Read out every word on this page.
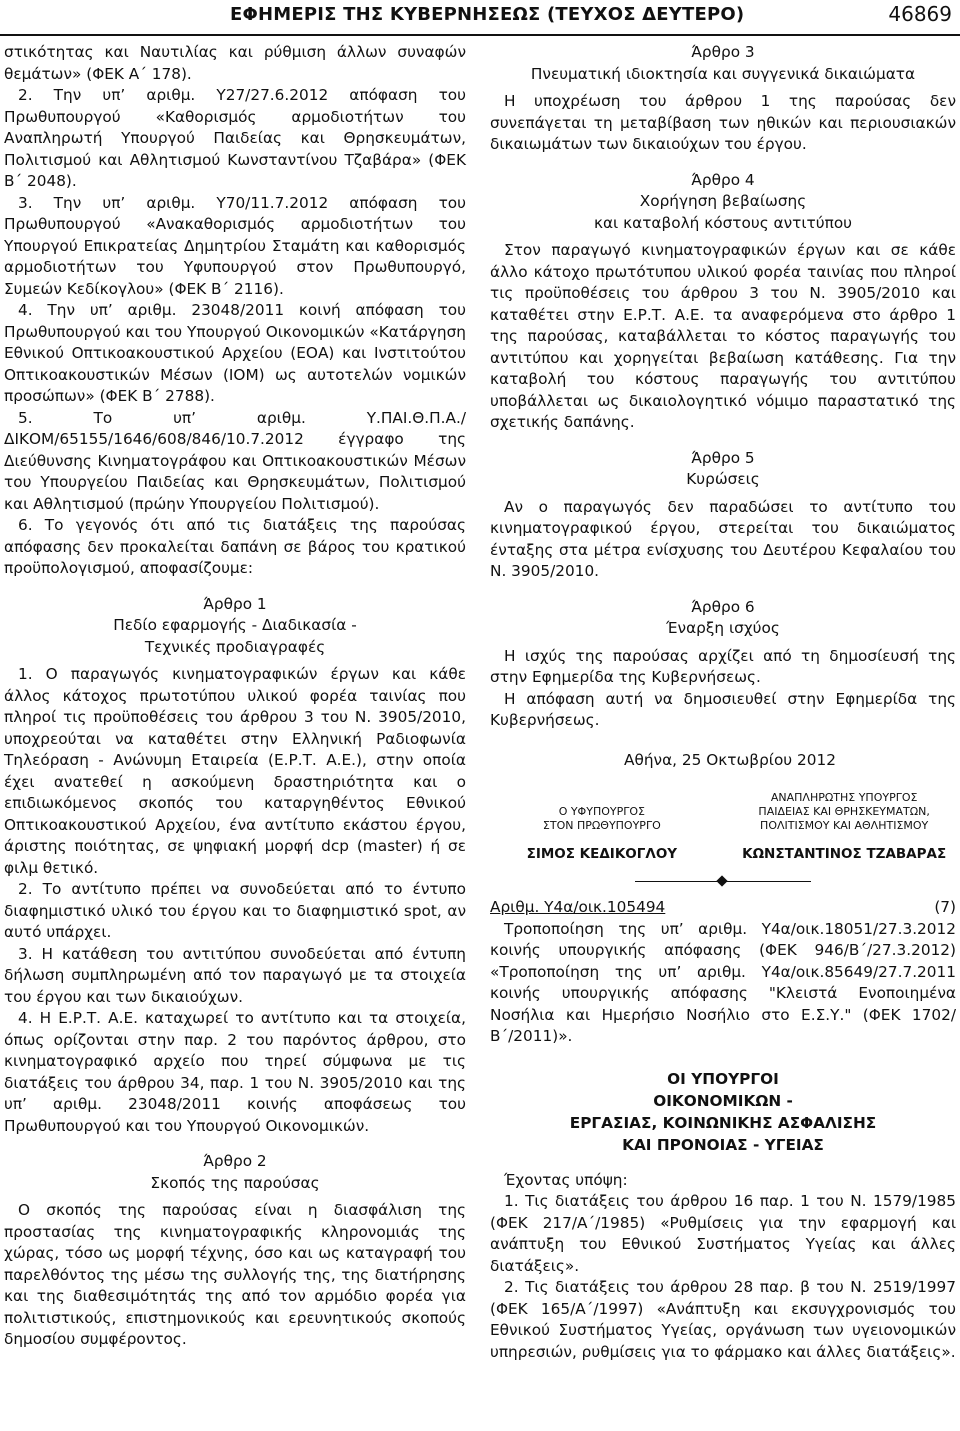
ΕΦΗΜΕΡΙΣ ΤΗΣ ΚΥΒΕΡΝΗΣΕΩΣ (ΤΕΥΧΟΣ ΔΕΥΤΕΡΟ)	46869

στικότητας και Ναυτιλίας και ρύθμιση άλλων συναφών θεμάτων» (ΦΕΚ Α΄ 178).

2. Την υπ’ αριθμ. Υ27/27.6.2012 απόφαση του Πρωθυπουργού «Καθορισμός αρμοδιοτήτων του Αναπληρωτή Υπουργού Παιδείας και Θρησκευμάτων, Πολιτισμού και Αθλητισμού Κωνσταντίνου Τζαβάρα» (ΦΕΚ Β΄ 2048).

3. Την υπ’ αριθμ. Υ70/11.7.2012 απόφαση του Πρωθυπουργού «Ανακαθορισμός αρμοδιοτήτων του Υπουργού Επικρατείας Δημητρίου Σταμάτη και καθορισμός αρμοδιοτήτων του Υφυπουργού στον Πρωθυπουργό, Συμεών Κεδίκογλου» (ΦΕΚ Β΄ 2116).

4. Την υπ’ αριθμ. 23048/2011 κοινή απόφαση του Πρωθυπουργού και του Υπουργού Οικονομικών «Κατάργηση Εθνικού Οπτικοακουστικού Αρχείου (ΕΟΑ) και Ινστιτούτου Οπτικοακουστικών Μέσων (ΙΟΜ) ως αυτοτελών νομικών προσώπων» (ΦΕΚ Β΄ 2788).

5. Το υπ’ αριθμ. Υ.ΠΑΙ.Θ.Π.Α./ΔΙΚΟΜ/65155/1646/608/846/10.7.2012 έγγραφο της Διεύθυνσης Κινηματογράφου και Οπτικοακουστικών Μέσων του Υπουργείου Παιδείας και Θρησκευμάτων, Πολιτισμού και Αθλητισμού (πρώην Υπουργείου Πολιτισμού).

6. Το γεγονός ότι από τις διατάξεις της παρούσας απόφασης δεν προκαλείται δαπάνη σε βάρος του κρατικού προϋπολογισμού, αποφασίζουμε:

Άρθρο 1

Πεδίο εφαρμογής - Διαδικασία -

Τεχνικές προδιαγραφές

1. Ο παραγωγός κινηματογραφικών έργων και κάθε άλλος κάτοχος πρωτοτύπου υλικού φορέα ταινίας που πληροί τις προϋποθέσεις του άρθρου 3 του Ν. 3905/2010, υποχρεούται να καταθέτει στην Ελληνική Ραδιοφωνία Τηλεόραση - Ανώνυμη Εταιρεία (Ε.Ρ.Τ. Α.Ε.), στην οποία έχει ανατεθεί η ασκούμενη δραστηριότητα και ο επιδιωκόμενος σκοπός του καταργηθέντος Εθνικού Οπτικοακουστικού Αρχείου, ένα αντίτυπο εκάστου έργου, άριστης ποιότητας, σε ψηφιακή μορφή dcp (master) ή σε φιλμ θετικό.

2. Το αντίτυπο πρέπει να συνοδεύεται από το έντυπο διαφημιστικό υλικό του έργου και το διαφημιστικό spot, αν αυτό υπάρχει.

3. Η κατάθεση του αντιτύπου συνοδεύεται από έντυπη δήλωση συμπληρωμένη από τον παραγωγό με τα στοιχεία του έργου και των δικαιούχων.

4. Η Ε.Ρ.Τ. Α.Ε. καταχωρεί το αντίτυπο και τα στοιχεία, όπως ορίζονται στην παρ. 2 του παρόντος άρθρου, στο κινηματογραφικό αρχείο που τηρεί σύμφωνα με τις διατάξεις του άρθρου 34, παρ. 1 του Ν. 3905/2010 και της υπ’ αριθμ. 23048/2011 κοινής αποφάσεως του Πρωθυπουργού και του Υπουργού Οικονομικών.

Άρθρο 2

Σκοπός της παρούσας

Ο σκοπός της παρούσας είναι η διασφάλιση της προστασίας της κινηματογραφικής κληρονομιάς της χώρας, τόσο ως μορφή τέχνης, όσο και ως καταγραφή του παρελθόντος της μέσω της συλλογής της, της διατήρησης και της διαθεσιμότητάς της από τον αρμόδιο φορέα για πολιτιστικούς, επιστημονικούς και ερευνητικούς σκοπούς δημοσίου συμφέροντος.

Άρθρο 3

Πνευματική ιδιοκτησία και συγγενικά δικαιώματα

Η υποχρέωση του άρθρου 1 της παρούσας δεν συνεπάγεται τη μεταβίβαση των ηθικών και περιουσιακών δικαιωμάτων των δικαιούχων του έργου.

Άρθρο 4

Χορήγηση βεβαίωσης

και καταβολή κόστους αντιτύπου

Στον παραγωγό κινηματογραφικών έργων και σε κάθε άλλο κάτοχο πρωτότυπου υλικού φορέα ταινίας που πληροί τις προϋποθέσεις του άρθρου 3 του Ν. 3905/2010 και καταθέτει στην Ε.Ρ.Τ. Α.Ε. τα αναφερόμενα στο άρθρο 1 της παρούσας, καταβάλλεται το κόστος παραγωγής του αντιτύπου και χορηγείται βεβαίωση κατάθεσης. Για την καταβολή του κόστους παραγωγής του αντιτύπου υποβάλλεται ως δικαιολογητικό νόμιμο παραστατικό της σχετικής δαπάνης.

Άρθρο 5

Κυρώσεις

Αν ο παραγωγός δεν παραδώσει το αντίτυπο του κινηματογραφικού έργου, στερείται του δικαιώματος ένταξης στα μέτρα ενίσχυσης του Δευτέρου Κεφαλαίου του Ν. 3905/2010.

Άρθρο 6

Έναρξη ισχύος

Η ισχύς της παρούσας αρχίζει από τη δημοσίευσή της στην Εφημερίδα της Κυβερνήσεως.

Η απόφαση αυτή να δημοσιευθεί στην Εφημερίδα της Κυβερνήσεως.

Αθήνα, 25 Οκτωβρίου 2012

Ο ΥΦΥΠΟΥΡΓΟΣ
ΣΤΟΝ ΠΡΩΘΥΠΟΥΡΓΟ
ΣΙΜΟΣ ΚΕΔΙΚΟΓΛΟΥ
ΑΝΑΠΛΗΡΩΤΗΣ ΥΠΟΥΡΓΟΣ
ΠΑΙΔΕΙΑΣ ΚΑΙ ΘΡΗΣΚΕΥΜΑΤΩΝ,
ΠΟΛΙΤΙΣΜΟΥ ΚΑΙ ΑΘΛΗΤΙΣΜΟΥ
ΚΩΝΣΤΑΝΤΙΝΟΣ ΤΖΑΒΑΡΑΣ
Αριθμ. Υ4α/οικ.105494	(7)

Τροποποίηση της υπ’ αριθμ. Υ4α/οικ.18051/27.3.2012 κοινής υπουργικής απόφασης (ΦΕΚ 946/Β΄/27.3.2012) «Τροποποίηση της υπ’ αριθμ. Υ4α/οικ.85649/27.7.2011 κοινής υπουργικής απόφασης "Κλειστά Ενοποιημένα Νοσήλια και Ημερήσιο Νοσήλιο στο Ε.Σ.Υ." (ΦΕΚ 1702/Β΄/2011)».

ΟΙ ΥΠΟΥΡΓΟΙ
ΟΙΚΟΝΟΜΙΚΩΝ -
ΕΡΓΑΣΙΑΣ, ΚΟΙΝΩΝΙΚΗΣ ΑΣΦΑΛΙΣΗΣ
ΚΑΙ ΠΡΟΝΟΙΑΣ - ΥΓΕΙΑΣ

Έχοντας υπόψη:

1. Τις διατάξεις του άρθρου 16 παρ. 1 του Ν. 1579/1985 (ΦΕΚ 217/Α΄/1985) «Ρυθμίσεις για την εφαρμογή και ανάπτυξη του Εθνικού Συστήματος Υγείας και άλλες διατάξεις».

2. Τις διατάξεις του άρθρου 28 παρ. β του Ν. 2519/1997 (ΦΕΚ 165/Α΄/1997) «Ανάπτυξη και εκσυγχρονισμός του Εθνικού Συστήματος Υγείας, οργάνωση των υγειονομικών υπηρεσιών, ρυθμίσεις για το φάρμακο και άλλες διατάξεις».
